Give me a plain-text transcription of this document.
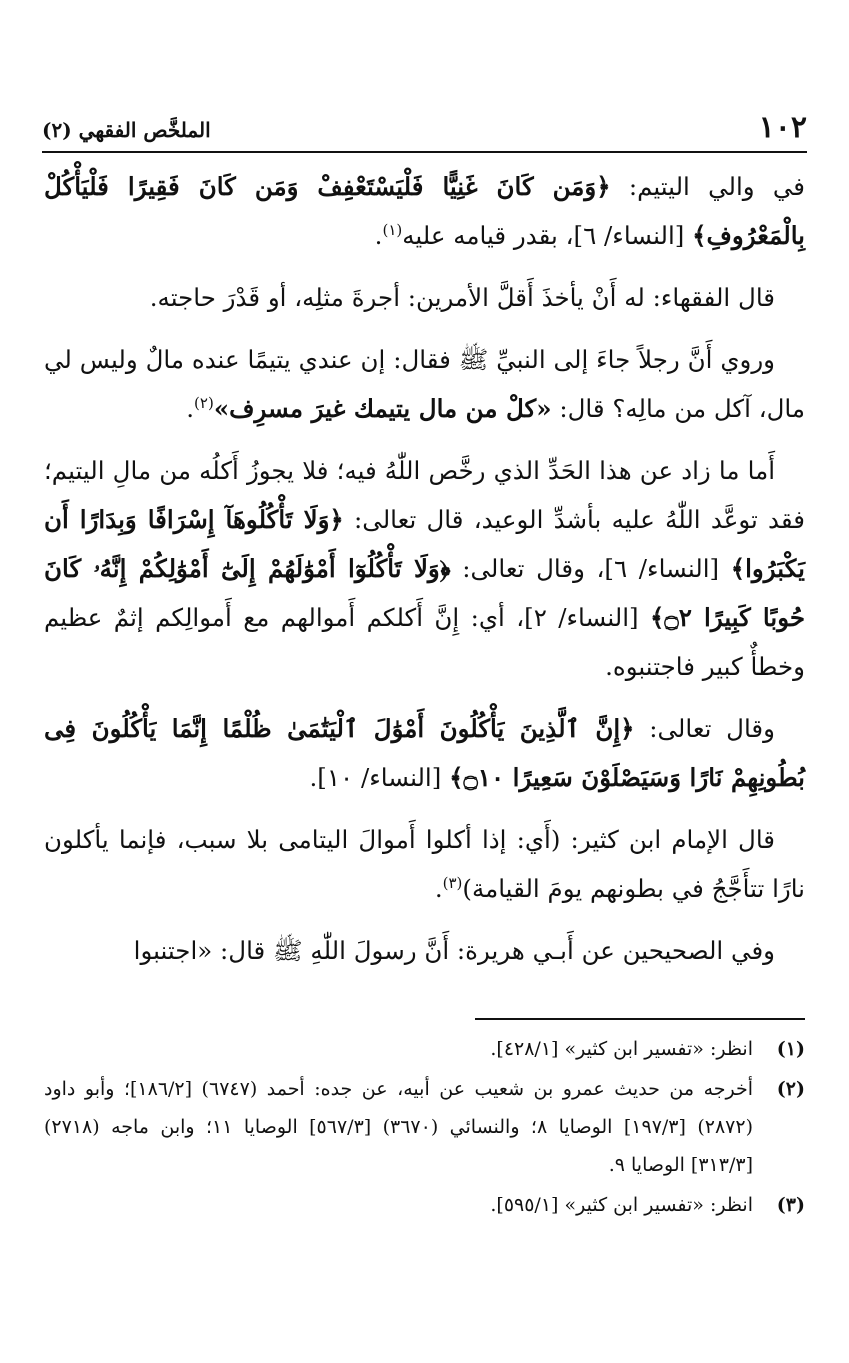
١٠٢
الملخَّص الفقهي (٢)

في والي اليتيم: ﴿وَمَن كَانَ غَنِيًّا فَلْيَسْتَعْفِفْ وَمَن كَانَ فَقِيرًا فَلْيَأْكُلْ بِالْمَعْرُوفِ﴾ [النساء/ ٦]، بقدر قيامه عليه$^{(١)}$.

قال الفقهاء: له أَنْ يأخذَ أَقلَّ الأمرين: أجرةَ مثلِه، أو قَدْرَ حاجته.

وروي أَنَّ رجلاً جاءَ إلى النبيِّ ﷺ فقال: إن عندي يتيمًا عنده مالٌ وليس لي مال، آكل من مالِه؟ قال: «كلْ من مال يتيمك غيرَ مسرِف»$^{(٢)}$.

أَما ما زاد عن هذا الحَدِّ الذي رخَّص اللّٰهُ فيه؛ فلا يجوزُ أَكلُه من مالِ اليتيم؛ فقد توعَّد اللّٰهُ عليه بأشدِّ الوعيد، قال تعالى: ﴿وَلَا تَأْكُلُوهَآ إِسْرَافًا وَبِدَارًا أَن يَكْبَرُوا﴾ [النساء/ ٦]، وقال تعالى: ﴿وَلَا تَأْكُلُوٓا أَمْوَٰلَهُمْ إِلَىٰٓ أَمْوَٰلِكُمْ إِنَّهُۥ كَانَ حُوبًا كَبِيرًا ۝٢﴾ [النساء/ ٢]، أي: إِنَّ أَكلكم أَموالهم مع أَموالِكم إثمٌ عظيم وخطأٌ كبير فاجتنبوه.

وقال تعالى: ﴿إِنَّ ٱلَّذِينَ يَأْكُلُونَ أَمْوَٰلَ ٱلْيَتَٰمَىٰ ظُلْمًا إِنَّمَا يَأْكُلُونَ فِى بُطُونِهِمْ نَارًا وَسَيَصْلَوْنَ سَعِيرًا ۝١٠﴾ [النساء/ ١٠].

قال الإمام ابن كثير: (أَي: إذا أكلوا أَموالَ اليتامى بلا سبب، فإنما يأكلون نارًا تتأَجَّجُ في بطونهم يومَ القيامة)$^{(٣)}$.

وفي الصحيحين عن أَبـي هريرة: أَنَّ رسولَ اللّٰهِ ﷺ قال: «اجتنبوا

(١)
انظر: «تفسير ابن كثير» [٤٢٨/١].
(٢)
أخرجه من حديث عمرو بن شعيب عن أبيه، عن جده: أحمد (٦٧٤٧) [١٨٦/٢]؛ وأبو داود (٢٨٧٢) [١٩٧/٣] الوصايا ٨؛ والنسائي (٣٦٧٠) [٥٦٧/٣] الوصايا ١١؛ وابن ماجه (٢٧١٨) [٣١٣/٣] الوصايا ٩.
(٣)
انظر: «تفسير ابن كثير» [٥٩٥/١].
